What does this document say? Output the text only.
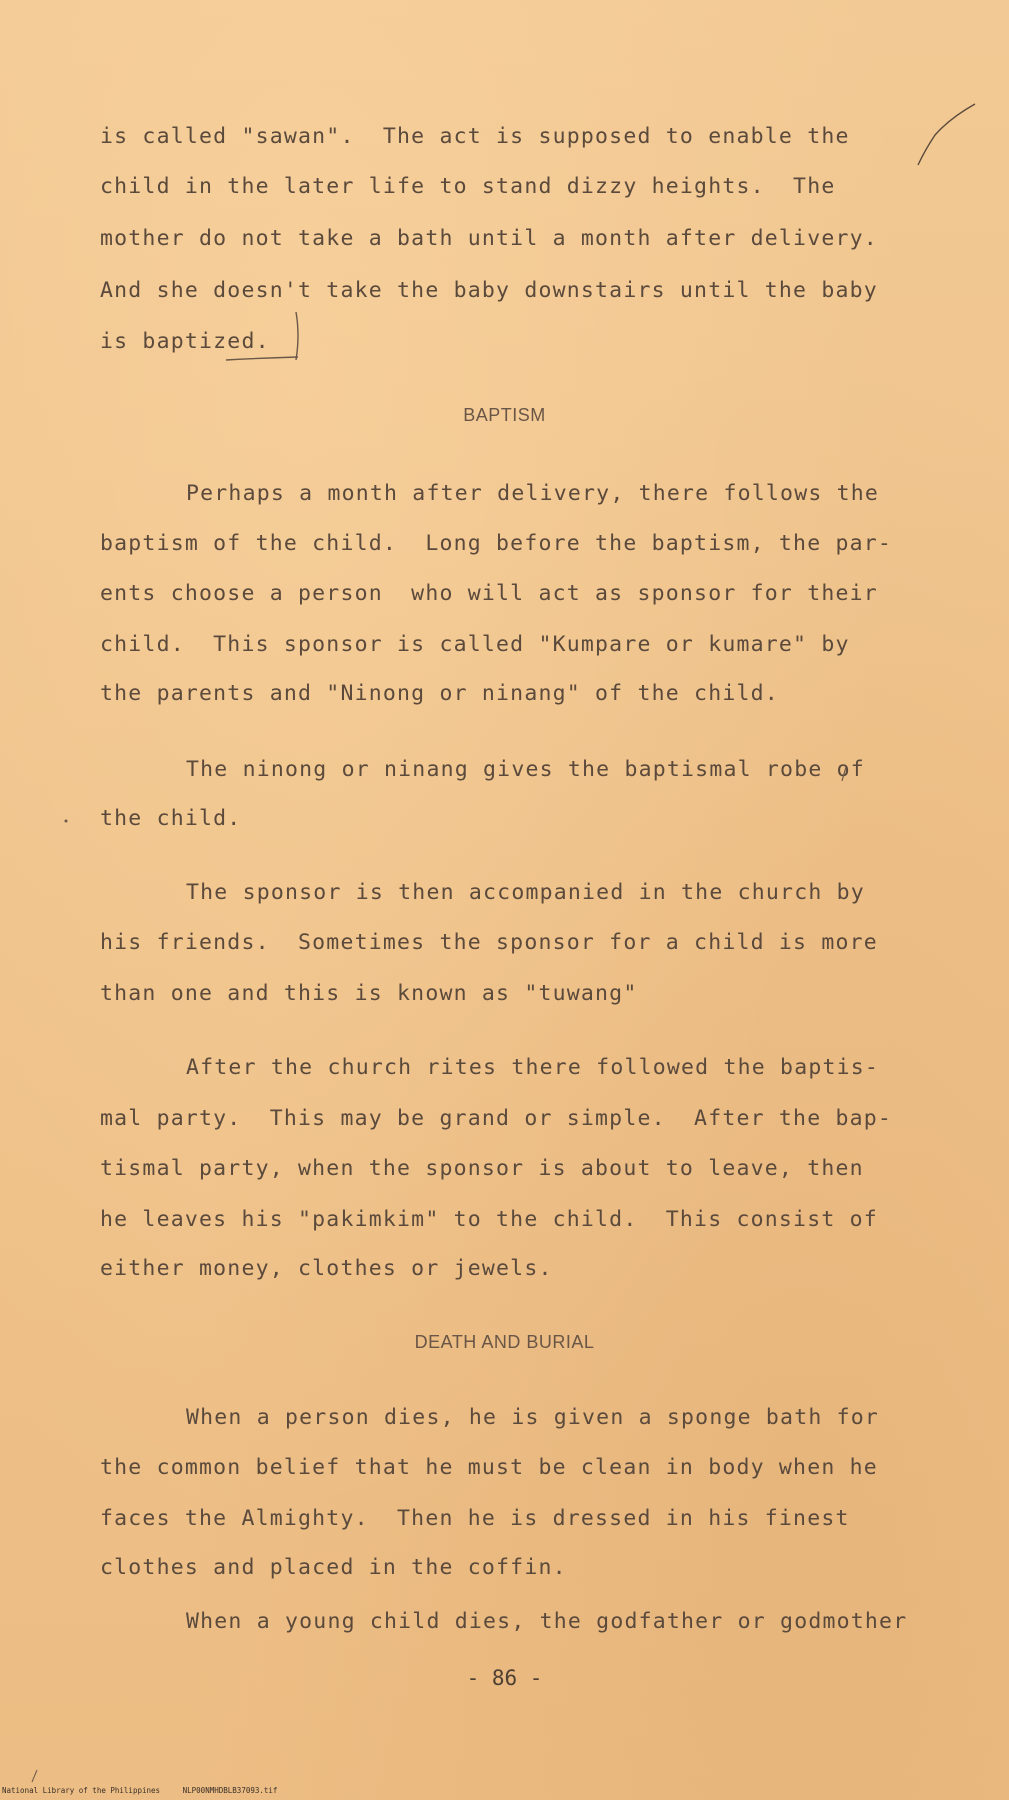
is called "sawan".  The act is supposed to enable the
child in the later life to stand dizzy heights.  The
mother do not take a bath until a month after delivery.
And she doesn't take the baby downstairs until the baby
is baptized.
BAPTISM
Perhaps a month after delivery, there follows the
baptism of the child.  Long before the baptism, the par-
ents choose a person  who will act as sponsor for their
child.  This sponsor is called "Kumpare or kumare" by
the parents and "Ninong or ninang" of the child.
The ninong or ninang gives the baptismal robe of
the child.
The sponsor is then accompanied in the church by
his friends.  Sometimes the sponsor for a child is more
than one and this is known as "tuwang"
After the church rites there followed the baptis-
mal party.  This may be grand or simple.  After the bap-
tismal party, when the sponsor is about to leave, then
he leaves his "pakimkim" to the child.  This consist of
either money, clothes or jewels.
DEATH AND BURIAL
When a person dies, he is given a sponge bath for
the common belief that he must be clean in body when he
faces the Almighty.  Then he is dressed in his finest
clothes and placed in the coffin.
When a young child dies, the godfather or godmother
- 86 -
National Library of the Philippines     NLP00NMHDBLB37093.tif
